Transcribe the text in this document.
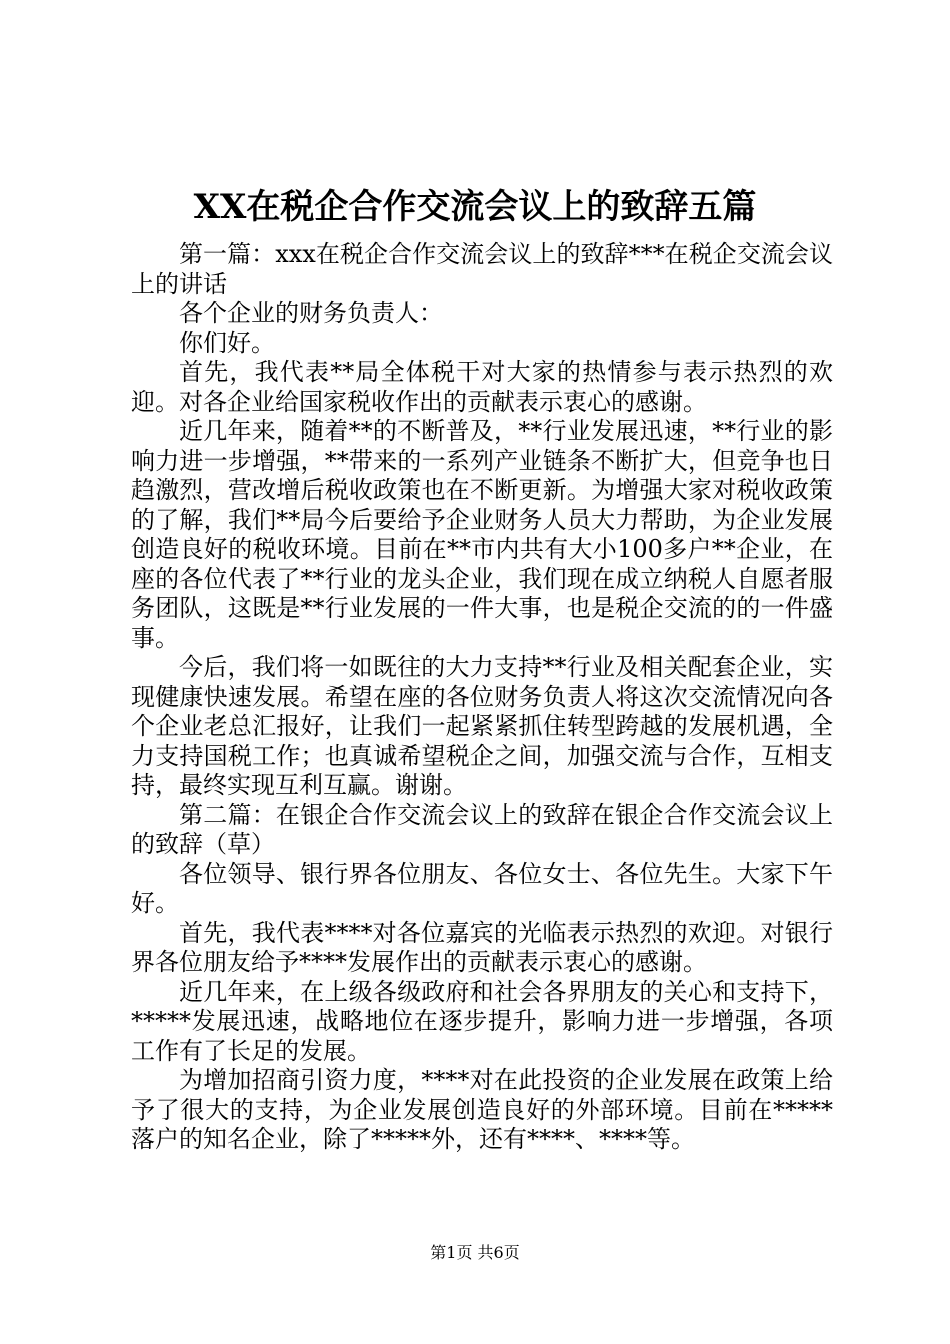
XX在税企合作交流会议上的致辞五篇

第一篇：xxx在税企合作交流会议上的致辞***在税企交流会议上的讲话

各个企业的财务负责人：

你们好。

首先，我代表**局全体税干对大家的热情参与表示热烈的欢迎。对各企业给国家税收作出的贡献表示衷心的感谢。

近几年来，随着**的不断普及，**行业发展迅速，**行业的影响力进一步增强，**带来的一系列产业链条不断扩大，但竞争也日趋激烈，营改增后税收政策也在不断更新。为增强大家对税收政策的了解，我们**局今后要给予企业财务人员大力帮助，为企业发展创造良好的税收环境。目前在**市内共有大小100多户**企业，在座的各位代表了**行业的龙头企业，我们现在成立纳税人自愿者服务团队，这既是**行业发展的一件大事，也是税企交流的的一件盛事。

今后，我们将一如既往的大力支持**行业及相关配套企业，实现健康快速发展。希望在座的各位财务负责人将这次交流情况向各个企业老总汇报好，让我们一起紧紧抓住转型跨越的发展机遇，全力支持国税工作；也真诚希望税企之间，加强交流与合作，互相支持，最终实现互利互赢。谢谢。

第二篇：在银企合作交流会议上的致辞在银企合作交流会议上的致辞（草）

各位领导、银行界各位朋友、各位女士、各位先生。大家下午好。

首先，我代表****对各位嘉宾的光临表示热烈的欢迎。对银行界各位朋友给予****发展作出的贡献表示衷心的感谢。

近几年来，在上级各级政府和社会各界朋友的关心和支持下，*****发展迅速，战略地位在逐步提升，影响力进一步增强，各项工作有了长足的发展。

为增加招商引资力度，****对在此投资的企业发展在政策上给予了很大的支持，为企业发展创造良好的外部环境。目前在*****落户的知名企业，除了*****外，还有****、****等。

第1页 共6页
